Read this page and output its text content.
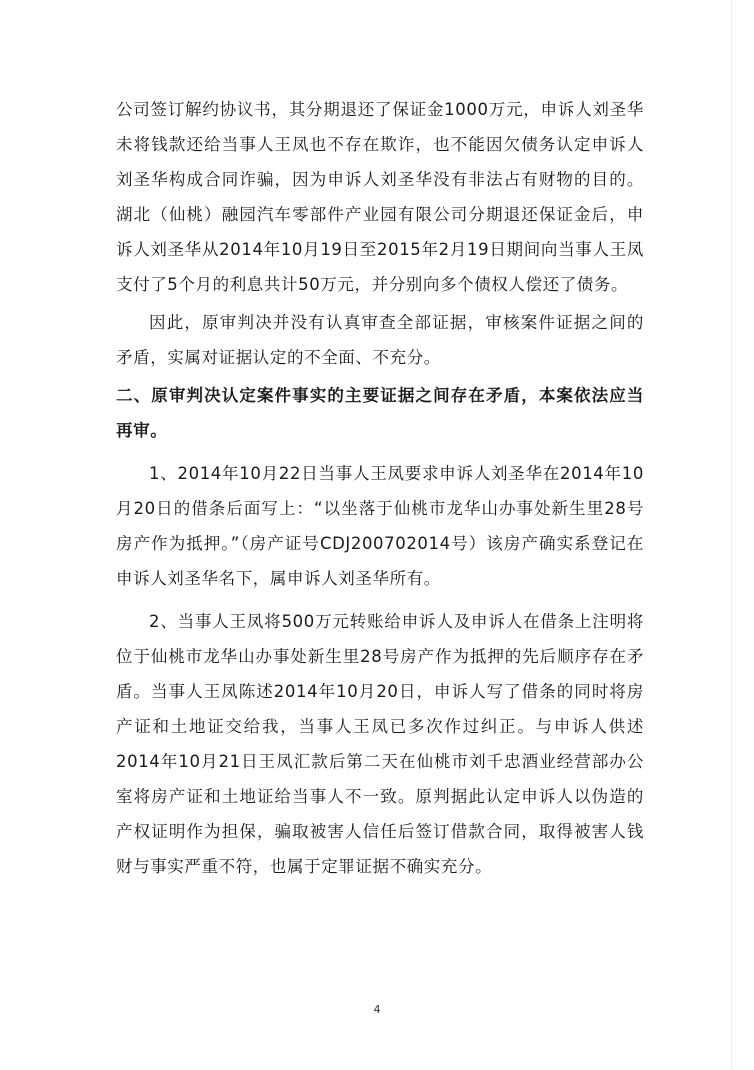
公司签订解约协议书，其分期退还了保证金1000万元，申诉人刘圣华未将钱款还给当事人王凤也不存在欺诈，也不能因欠债务认定申诉人刘圣华构成合同诈骗，因为申诉人刘圣华没有非法占有财物的目的。湖北（仙桃）融园汽车零部件产业园有限公司分期退还保证金后，申诉人刘圣华从2014年10月19日至2015年2月19日期间向当事人王凤支付了5个月的利息共计50万元，并分别向多个债权人偿还了债务。

因此，原审判决并没有认真审查全部证据，审核案件证据之间的矛盾，实属对证据认定的不全面、不充分。

二、原审判决认定案件事实的主要证据之间存在矛盾，本案依法应当再审。

1、2014年10月22日当事人王凤要求申诉人刘圣华在2014年10月20日的借条后面写上：“以坐落于仙桃市龙华山办事处新生里28号房产作为抵押。”（房产证号CDJ200702014号）该房产确实系登记在申诉人刘圣华名下，属申诉人刘圣华所有。

2、当事人王凤将500万元转账给申诉人及申诉人在借条上注明将位于仙桃市龙华山办事处新生里28号房产作为抵押的先后顺序存在矛盾。当事人王凤陈述2014年10月20日，申诉人写了借条的同时将房产证和土地证交给我，当事人王凤已多次作过纠正。与申诉人供述2014年10月21日王凤汇款后第二天在仙桃市刘千忠酒业经营部办公室将房产证和土地证给当事人不一致。原判据此认定申诉人以伪造的产权证明作为担保，骗取被害人信任后签订借款合同，取得被害人钱财与事实严重不符，也属于定罪证据不确实充分。

4
